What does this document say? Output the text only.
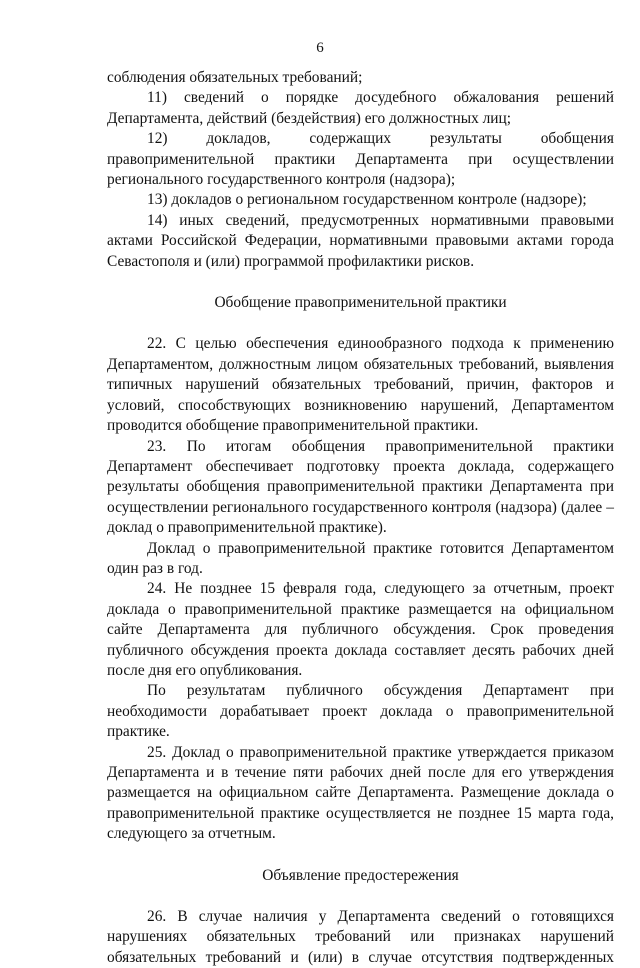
6

соблюдения обязательных требований;

11) сведений о порядке досудебного обжалования решений Департамента, действий (бездействия) его должностных лиц;

12) докладов, содержащих результаты обобщения правоприменительной практики Департамента при осуществлении регионального государственного контроля (надзора);

13) докладов о региональном государственном контроле (надзоре);

14) иных сведений, предусмотренных нормативными правовыми актами Российской Федерации, нормативными правовыми актами города Севастополя и (или) программой профилактики рисков.

Обобщение правоприменительной практики

22. С целью обеспечения единообразного подхода к применению Департаментом, должностным лицом обязательных требований, выявления типичных нарушений обязательных требований, причин, факторов и условий, способствующих возникновению нарушений, Департаментом проводится обобщение правоприменительной практики.

23. По итогам обобщения правоприменительной практики Департамент обеспечивает подготовку проекта доклада, содержащего результаты обобщения правоприменительной практики Департамента при осуществлении регионального государственного контроля (надзора) (далее – доклад о правоприменительной практике).

Доклад о правоприменительной практике готовится Департаментом один раз в год.

24. Не позднее 15 февраля года, следующего за отчетным, проект доклада о правоприменительной практике размещается на официальном сайте Департамента для публичного обсуждения. Срок проведения публичного обсуждения проекта доклада составляет десять рабочих дней после дня его опубликования.

По результатам публичного обсуждения Департамент при необходимости дорабатывает проект доклада о правоприменительной практике.

25. Доклад о правоприменительной практике утверждается приказом Департамента и в течение пяти рабочих дней после для его утверждения размещается на официальном сайте Департамента. Размещение доклада о правоприменительной практике осуществляется не позднее 15 марта года, следующего за отчетным.

Объявление предостережения

26. В случае наличия у Департамента сведений о готовящихся нарушениях обязательных требований или признаках нарушений обязательных требований и (или) в случае отсутствия подтвержденных
